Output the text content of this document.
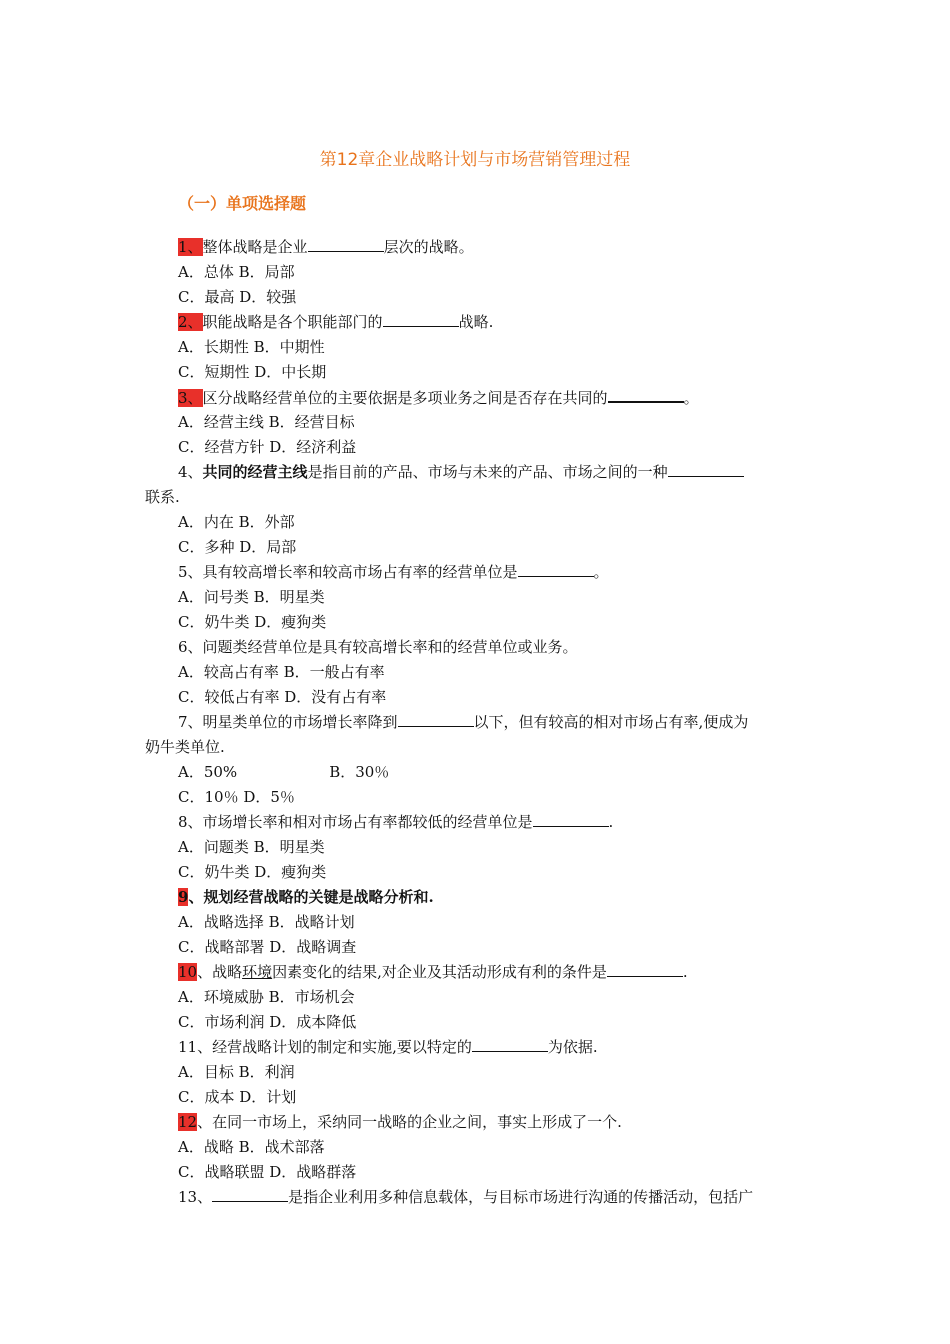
第12章企业战略计划与市场营销管理过程
（一）单项选择题
1、整体战略是企业	层次的战略。
A．总体 B．局部
C．最高 D．较强
2、职能战略是各个职能部门的	战略.
A．长期性 B．中期性
C．短期性 D．中长期
3、区分战略经营单位的主要依据是多项业务之间是否存在共同的	。
A．经营主线 B．经营目标
C．经营方针 D．经济利益
4、共同的经营主线是指目前的产品、市场与未来的产品、市场之间的一种
联系.
A．内在 B．外部
C．多种 D．局部
5、具有较高增长率和较高市场占有率的经营单位是	。
A．问号类 B．明星类
C．奶牛类 D．瘦狗类
6、问题类经营单位是具有较高增长率和的经营单位或业务。
A．较高占有率 B．一般占有率
C．较低占有率 D．没有占有率
7、明星类单位的市场增长率降到	以下，但有较高的相对市场占有率,便成为
奶牛类单位.
A．50%	B．30％
C．10％ D．5％
8、市场增长率和相对市场占有率都较低的经营单位是	.
A．问题类 B．明星类
C．奶牛类 D．瘦狗类
9、规划经营战略的关键是战略分析和.
A．战略选择 B．战略计划
C．战略部署 D．战略调查
10、战略环境因素变化的结果,对企业及其活动形成有利的条件是	.
A．环境威胁 B．市场机会
C．市场利润 D．成本降低
11、经营战略计划的制定和实施,要以特定的	为依据.
A．目标 B．利润
C．成本 D．计划
12、在同一市场上，采纳同一战略的企业之间，事实上形成了一个.
A．战略 B．战术部落
C．战略联盟 D．战略群落
13、	是指企业利用多种信息载体，与目标市场进行沟通的传播活动，包括广
